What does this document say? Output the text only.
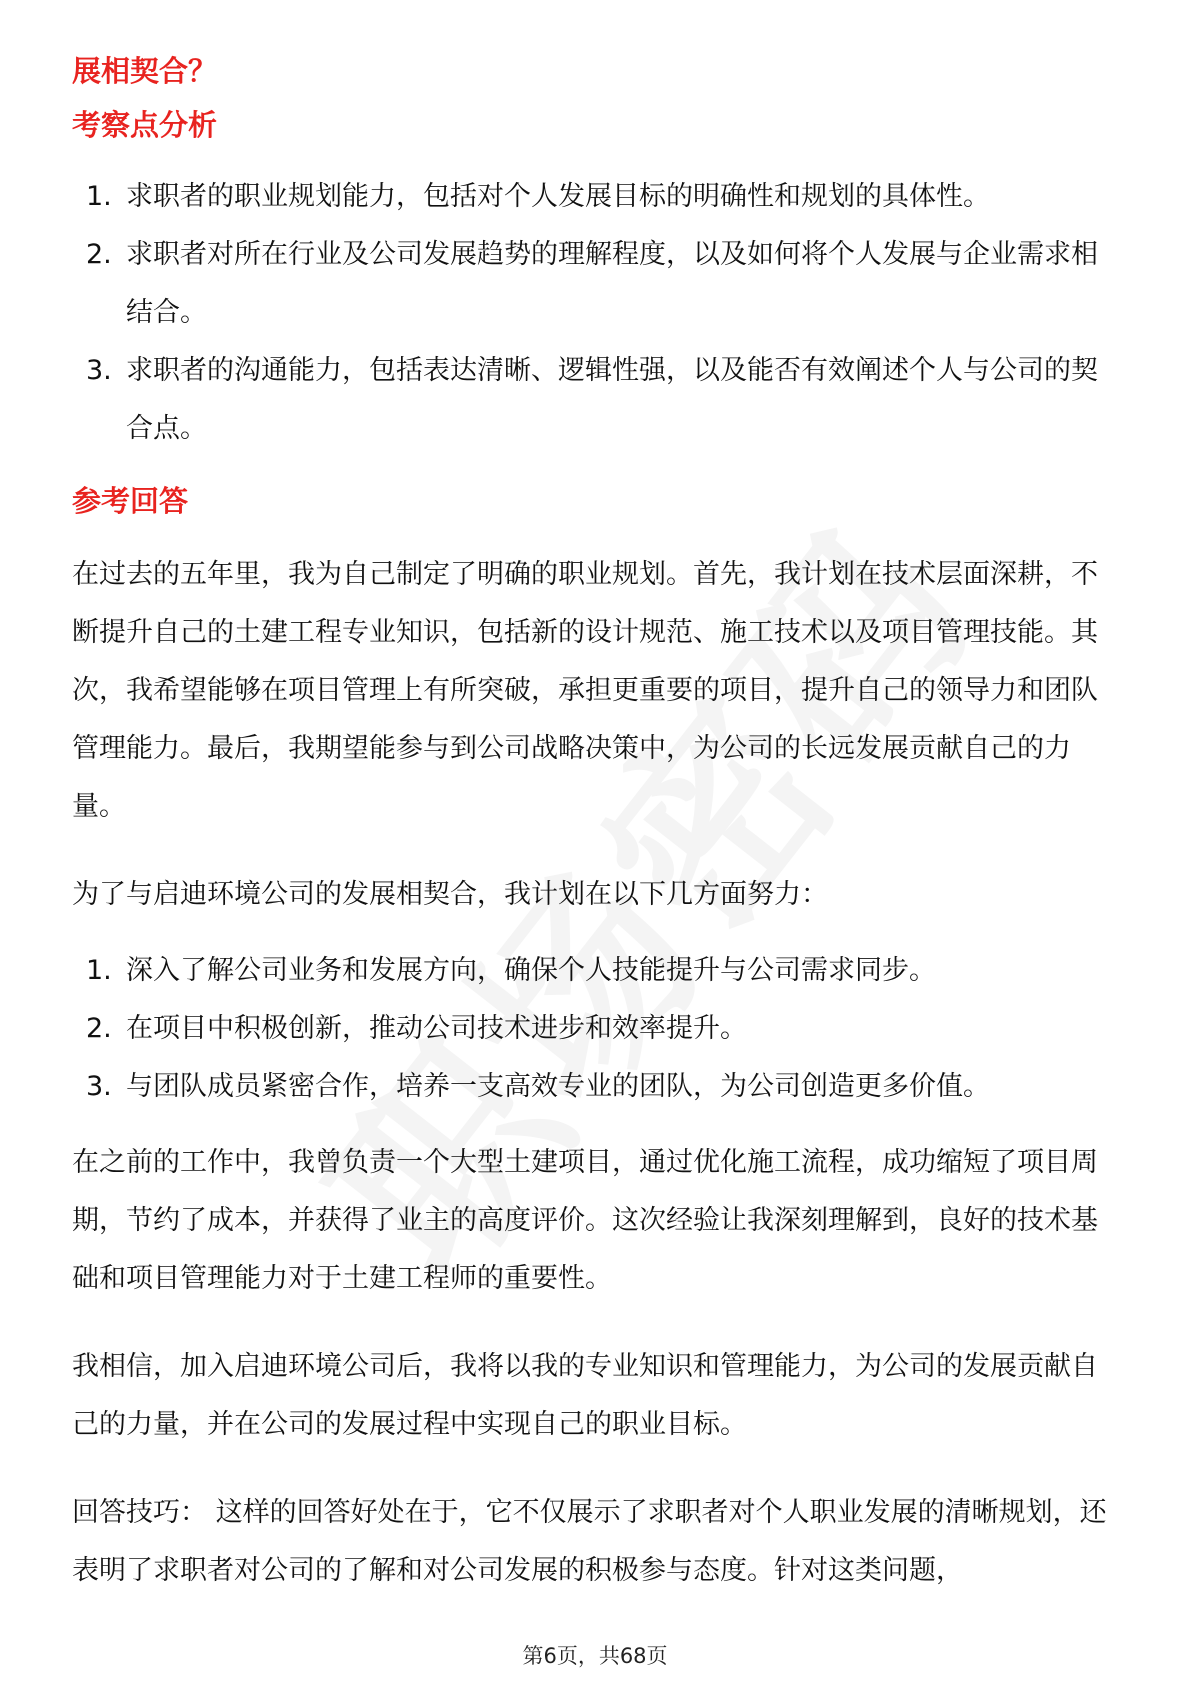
展相契合？
考察点分析
1. 求职者的职业规划能力，包括对个人发展目标的明确性和规划的具体性。
2. 求职者对所在行业及公司发展趋势的理解程度，以及如何将个人发展与企业需求相结合。
3. 求职者的沟通能力，包括表达清晰、逻辑性强，以及能否有效阐述个人与公司的契合点。
参考回答

在过去的五年里，我为自己制定了明确的职业规划。首先，我计划在技术层面深耕，不断提升自己的土建工程专业知识，包括新的设计规范、施工技术以及项目管理技能。其次，我希望能够在项目管理上有所突破，承担更重要的项目，提升自己的领导力和团队管理能力。最后，我期望能参与到公司战略决策中，为公司的长远发展贡献自己的力量。

为了与启迪环境公司的发展相契合，我计划在以下几方面努力：

1. 深入了解公司业务和发展方向，确保个人技能提升与公司需求同步。
2. 在项目中积极创新，推动公司技术进步和效率提升。
3. 与团队成员紧密合作，培养一支高效专业的团队，为公司创造更多价值。

在之前的工作中，我曾负责一个大型土建项目，通过优化施工流程，成功缩短了项目周期，节约了成本，并获得了业主的高度评价。这次经验让我深刻理解到，良好的技术基础和项目管理能力对于土建工程师的重要性。

我相信，加入启迪环境公司后，我将以我的专业知识和管理能力，为公司的发展贡献自己的力量，并在公司的发展过程中实现自己的职业目标。

回答技巧： 这样的回答好处在于，它不仅展示了求职者对个人职业发展的清晰规划，还表明了求职者对公司的了解和对公司发展的积极参与态度。针对这类问题，

第6页，共68页
